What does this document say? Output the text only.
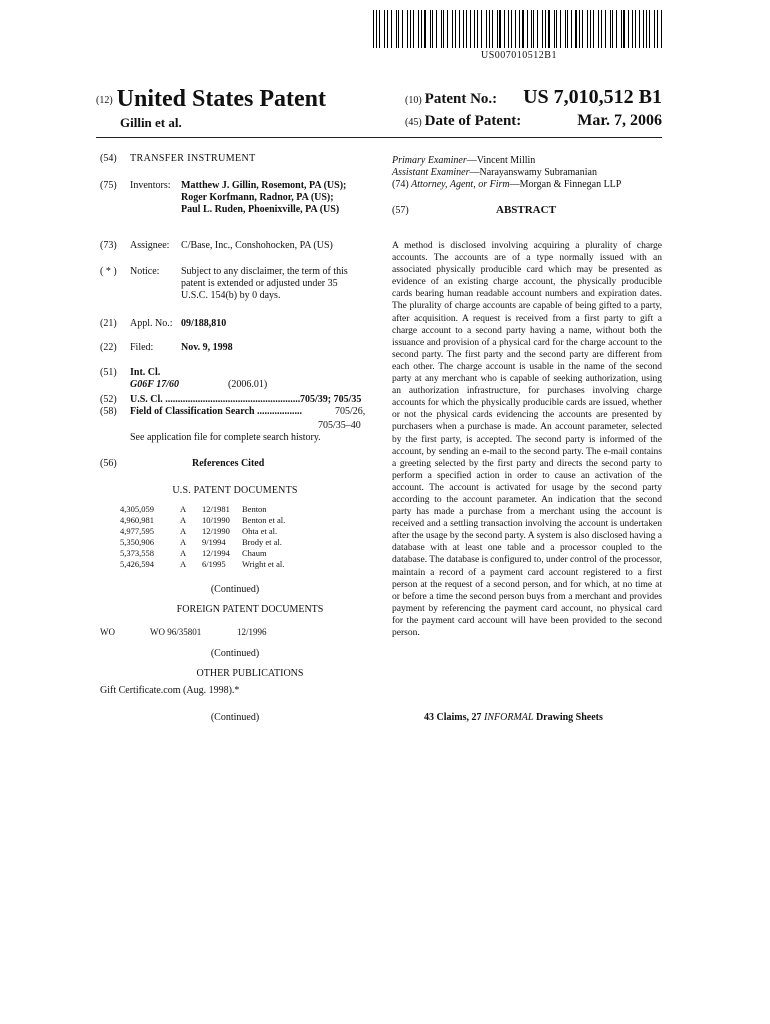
US007010512B1
(12) United States Patent
Gillin et al.
(10) Patent No.: US 7,010,512 B1
(45) Date of Patent:	Mar. 7, 2006
(54) TRANSFER INSTRUMENT
(75) Inventors: Matthew J. Gillin, Rosemont, PA (US);
Roger Korfmann, Radnor, PA (US);
Paul L. Ruden, Phoenixville, PA (US)
(73) Assignee: C/Base, Inc., Conshohocken, PA (US)
( * ) Notice: Subject to any disclaimer, the term of this
patent is extended or adjusted under 35
U.S.C. 154(b) by 0 days.
(21) Appl. No.: 09/188,810
(22) Filed:	Nov. 9, 1998
(51) Int. Cl.
G06F 17/60	(2006.01)
(52) U.S. Cl. ...................................................... 705/39; 705/35
(58) Field of Classification Search ..................	705/26,
705/35–40
See application file for complete search history.
(56)	References Cited
U.S. PATENT DOCUMENTS
4,305,059	A	12/1981	Benton
4,960,981	A	10/1990	Benton et al.
4,977,595	A	12/1990	Ohta et al.
5,350,906	A	9/1994	Brody et al.
5,373,558	A	12/1994	Chaum
5,426,594	A	6/1995	Wright et al.
(Continued)
FOREIGN PATENT DOCUMENTS
WO	WO 96/35801	12/1996
(Continued)
OTHER PUBLICATIONS
Gift Certificate.com (Aug. 1998).*
(Continued)
Primary Examiner—Vincent Millin
Assistant Examiner—Narayanswamy Subramanian
(74) Attorney, Agent, or Firm—Morgan & Finnegan LLP
(57)	ABSTRACT
A method is disclosed involving acquiring a plurality of charge accounts. The accounts are of a type normally issued with an associated physically producible card which may be presented as evidence of an existing charge account, the physically producible cards bearing human readable account numbers and expiration dates. The plurality of charge accounts are capable of being gifted to a party, after acquisition. A request is received from a first party to gift a charge account to a second party having a name, without both the issuance and provision of a physical card for the charge account to the second party. The first party and the second party are different from each other. The charge account is usable in the name of the second party at any merchant who is capable of seeking authorization, using an authorization infrastructure, for purchases involving charge accounts for which the physically producible cards are issued, whether or not the physical cards evidencing the accounts are presented by purchasers when a purchase is made. An account parameter, selected by the first party, is accepted. The second party is informed of the account, by sending an e-mail to the second party. The e-mail contains a greeting selected by the first party and directs the second party to perform a specified action in order to cause an activation of the account. The account is activated for usage by the second party according to the account parameter. An indication that the second party has made a purchase from a merchant using the account is received and a settling transaction involving the account is undertaken after the usage by the second party. A system is also disclosed having a database with at least one table and a processor coupled to the database. The database is configured to, under control of the processor, maintain a record of a payment card account registered to a first person at the request of a second person, and for which, at no time at or before a time the second person buys from a merchant and provides payment by referencing the payment card account, no physical card for the payment card account will have been provided to the second person.
43 Claims, 27 INFORMAL Drawing Sheets
